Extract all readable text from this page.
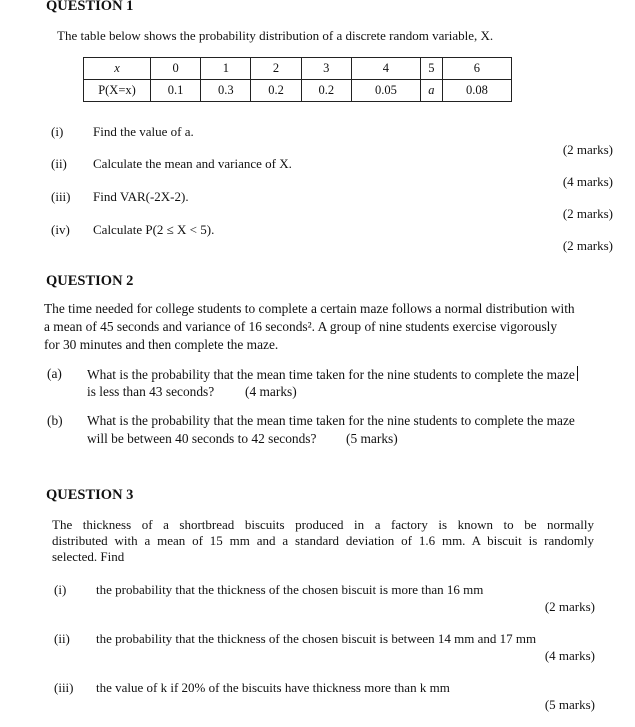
QUESTION 1
The table below shows the probability distribution of a discrete random variable, X.
x	0	1	2	3	4	5	6
P(X=x)	0.1	0.3	0.2	0.2	0.05	a	0.08
(i) Find the value of a.
(2 marks)
(ii) Calculate the mean and variance of X.
(4 marks)
(iii) Find VAR(-2X-2).
(2 marks)
(iv) Calculate P(2 ≤ X < 5).
(2 marks)
QUESTION 2
The time needed for college students to complete a certain maze follows a normal distribution with
a mean of 45 seconds and variance of 16 seconds². A group of nine students exercise vigorously
for 30 minutes and then complete the maze.
(a) What is the probability that the mean time taken for the nine students to complete the maze
is less than 43 seconds? (4 marks)
(b) What is the probability that the mean time taken for the nine students to complete the maze
will be between 40 seconds to 42 seconds? (5 marks)
QUESTION 3
The thickness of a shortbread biscuits produced in a factory is known to be normally
distributed with a mean of 15 mm and a standard deviation of 1.6 mm. A biscuit is randomly
selected. Find
(i) the probability that the thickness of the chosen biscuit is more than 16 mm
(2 marks)
(ii) the probability that the thickness of the chosen biscuit is between 14 mm and 17 mm
(4 marks)
(iii) the value of k if 20% of the biscuits have thickness more than k mm
(5 marks)
